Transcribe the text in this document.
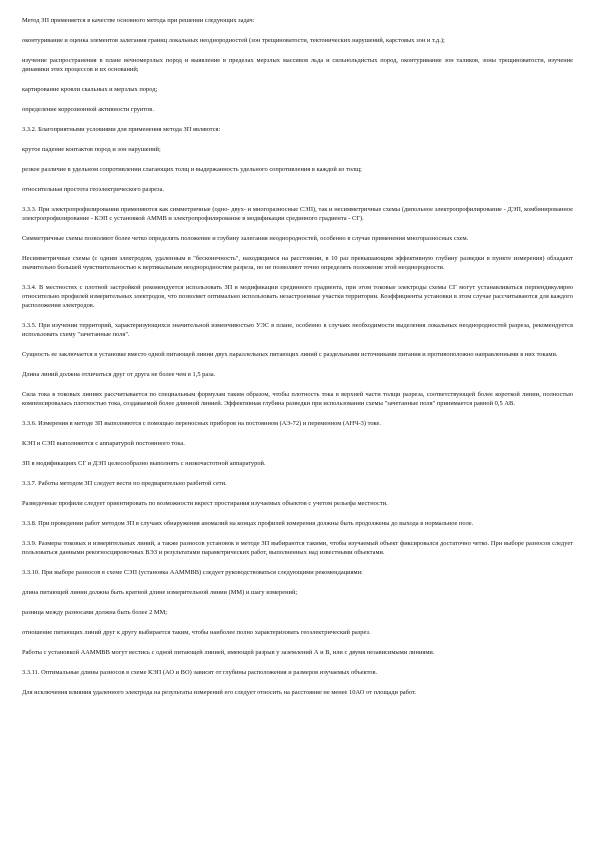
Метод ЗП применяется в качестве основного метода при решении следующих задач:

оконтуривание и оценка элементов залегания границ локальных неоднородностей (зон трещиноватости, тектонических нарушений, карстовых зон и т.д.);

изучение распространения в плане вечномерзлых пород и выявление в пределах мерзлых массивов льда и сильнольдистых пород, оконтуривание зон таликов, зоны трещиноватости, изучение динамики этих процессов и их оснований;

картирование кровли скальных и мерзлых пород;

определение коррозионной активности грунтов.

3.3.2. Благоприятными условиями для применения метода ЗП являются:

крутое падение контактов пород и зон нарушений;

резкое различие в удельном сопротивлении слагающих толщ и выдержанность удельного сопротивления в каждой из толщ;

относительная простота геоэлектрического разреза.

3.3.3. При электропрофилировании применяются как симметричные (одно- двух- и многоразносные СЭП), так и несимметричные схемы (дипольное электропрофилирование - ДЭП, комбинированное электропрофилирование - КЭП с установкой АММВ и электропрофилирование в модификации срединного градиента - СГ).

Симметричные схемы позволяют более четко определять положение и глубину залегания неоднородностей, особенно в случае применения многоразносных схем.

Несимметричные схемы (с одним электродом, удаленным в "бесконечность", находящимся на расстоянии, в 10 раз превышающим эффективную глубину разведки в пункте измерения) обладают значительно большей чувствительностью к вертикальным неоднородностям разреза, но не позволяют точно определять положение этой неоднородности.

3.3.4. В местностях с плотной застройкой рекомендуется использовать ЗП в модификации срединного градиента, при этом токовые электроды схемы СГ могут устанавливаться перпендикулярно относительно профилей измерительных электродов, что позволяет оптимально использовать незастроенные участки территории. Коэффициенты установки в этом случае рассчитываются для каждого расположения электродов.

3.3.5. При изучении территорий, характеризующихся значительной изменчивостью УЭС в плане, особенно в случаях необходимости выделения локальных неоднородностей разреза, рекомендуется использовать схему "зачетанные поля".

Сущность ее заключается в установке вместо одной питающей линии двух параллельных питающих линий с раздельными источниками питания и противоположно направленными в них токами.

Длина линий должна отличаться друг от друга не более чем в 1,5 раза.

Сила тока в токовых линиях рассчитывается по специальным формулам таким образом, чтобы плотность тока в верхней части толщи разреза, соответствующей более короткой линии, полностью компенсировалась плотностью тока, создаваемой более длинной линией. Эффективная глубина разведки при использовании схемы "зачетанные поля" принимается равной 0,5 АВ.

3.3.6. Измерения в методе ЗП выполняются с помощью переносных приборов на постоянном (АЭ-72) и переменном (АНЧ-3) токе.

КЭП и СЭП выполняются с аппаратурой постоянного тока.

ЗП в модификациях СГ и ДЭП целесообразно выполнять с низкочастотной аппаратурой.

3.3.7. Работы методом ЗП следует вести по предварительно разбитой сети.

Разведочные профили следует ориентировать по возможности вкрест простирания изучаемых объектов с учетом рельефа местности.

3.3.8. При проведении работ методом ЗП в случаях обнаружения аномалий на концах профилей измерения должны быть продолжены до выхода в нормальное поле.

3.3.9. Размеры токовых и измерительных линий, а также разносов установок в методе ЗП выбираются такими, чтобы изучаемый объект фиксировался достаточно четко. При выборе разносов следует пользоваться данными рекогносцировочных ВЭЗ и результатами параметрических работ, выполненных над известными объектами.

3.3.10. При выборе разносов в схеме СЭП (установка ААММВВ) следует руководствоваться следующими рекомендациями:

длина питающей линии должна быть кратной длине измерительной линии (ММ) и шагу измерений;

разница между разносами должна быть более 2 ММ;

отношение питающих линий друг к другу выбирается таким, чтобы наиболее полно характеризовать геоэлектрический разрез.

Работы с установкой ААММВВ могут вестись с одной питающей линией, имеющей разрыв у заземлений А и В, или с двумя независимыми линиями.

3.3.11. Оптимальные длины разносов в схеме КЭП (АО и ВО) зависят от глубины расположения и размеров изучаемых объектов.

Для исключения влияния удаленного электрода на результаты измерений его следует относить на расстояние не менее 10АО от площади работ.
